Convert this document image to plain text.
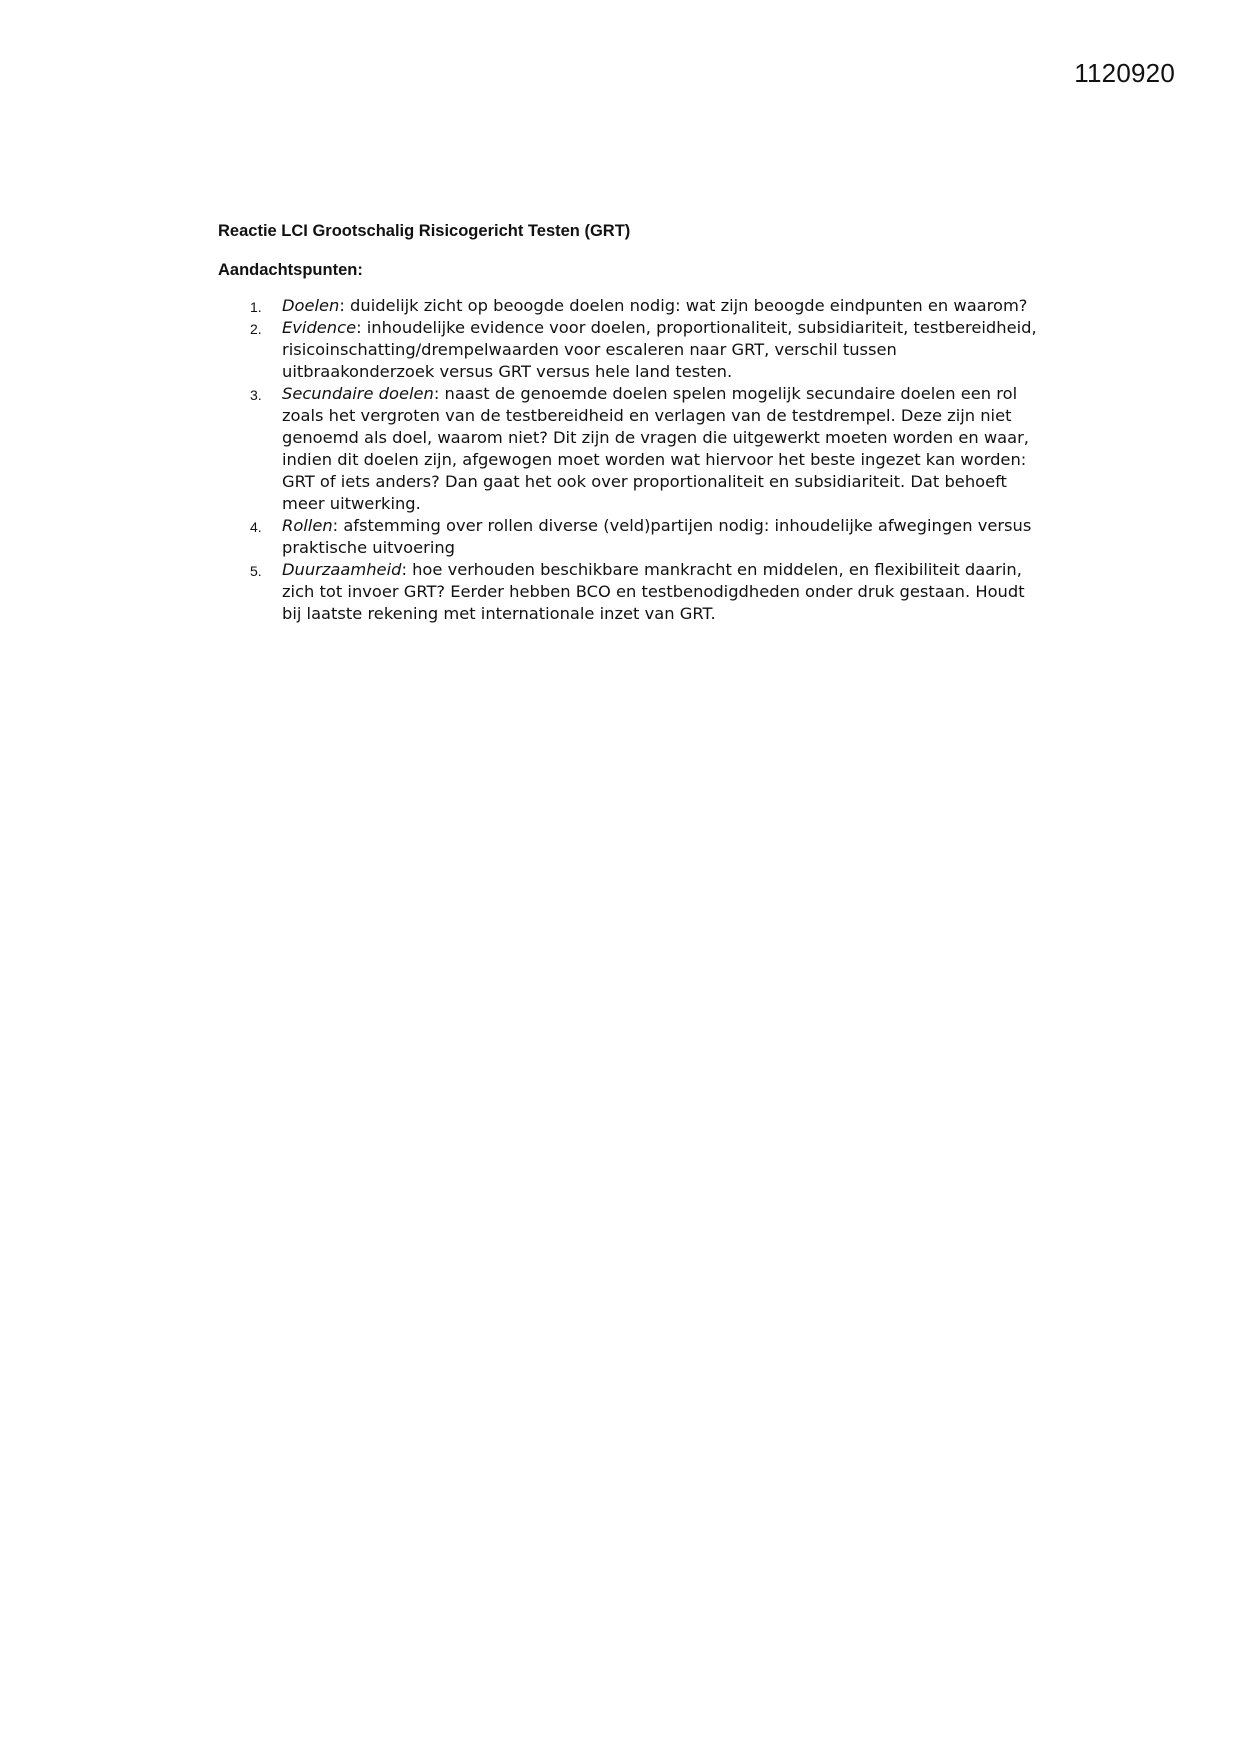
1120920
Reactie LCI Grootschalig Risicogericht Testen (GRT)
Aandachtspunten:
1. Doelen: duidelijk zicht op beoogde doelen nodig: wat zijn beoogde eindpunten en waarom?
2. Evidence: inhoudelijke evidence voor doelen, proportionaliteit, subsidiariteit, testbereidheid, risicoinschatting/drempelwaarden voor escaleren naar GRT, verschil tussen uitbraakonderzoek versus GRT versus hele land testen.
3. Secundaire doelen: naast de genoemde doelen spelen mogelijk secundaire doelen een rol zoals het vergroten van de testbereidheid en verlagen van de testdrempel. Deze zijn niet genoemd als doel, waarom niet? Dit zijn de vragen die uitgewerkt moeten worden en waar, indien dit doelen zijn, afgewogen moet worden wat hiervoor het beste ingezet kan worden: GRT of iets anders? Dan gaat het ook over proportionaliteit en subsidiariteit. Dat behoeft meer uitwerking.
4. Rollen: afstemming over rollen diverse (veld)partijen nodig: inhoudelijke afwegingen versus praktische uitvoering
5. Duurzaamheid: hoe verhouden beschikbare mankracht en middelen, en flexibiliteit daarin, zich tot invoer GRT? Eerder hebben BCO en testbenodigdheden onder druk gestaan. Houdt bij laatste rekening met internationale inzet van GRT.
